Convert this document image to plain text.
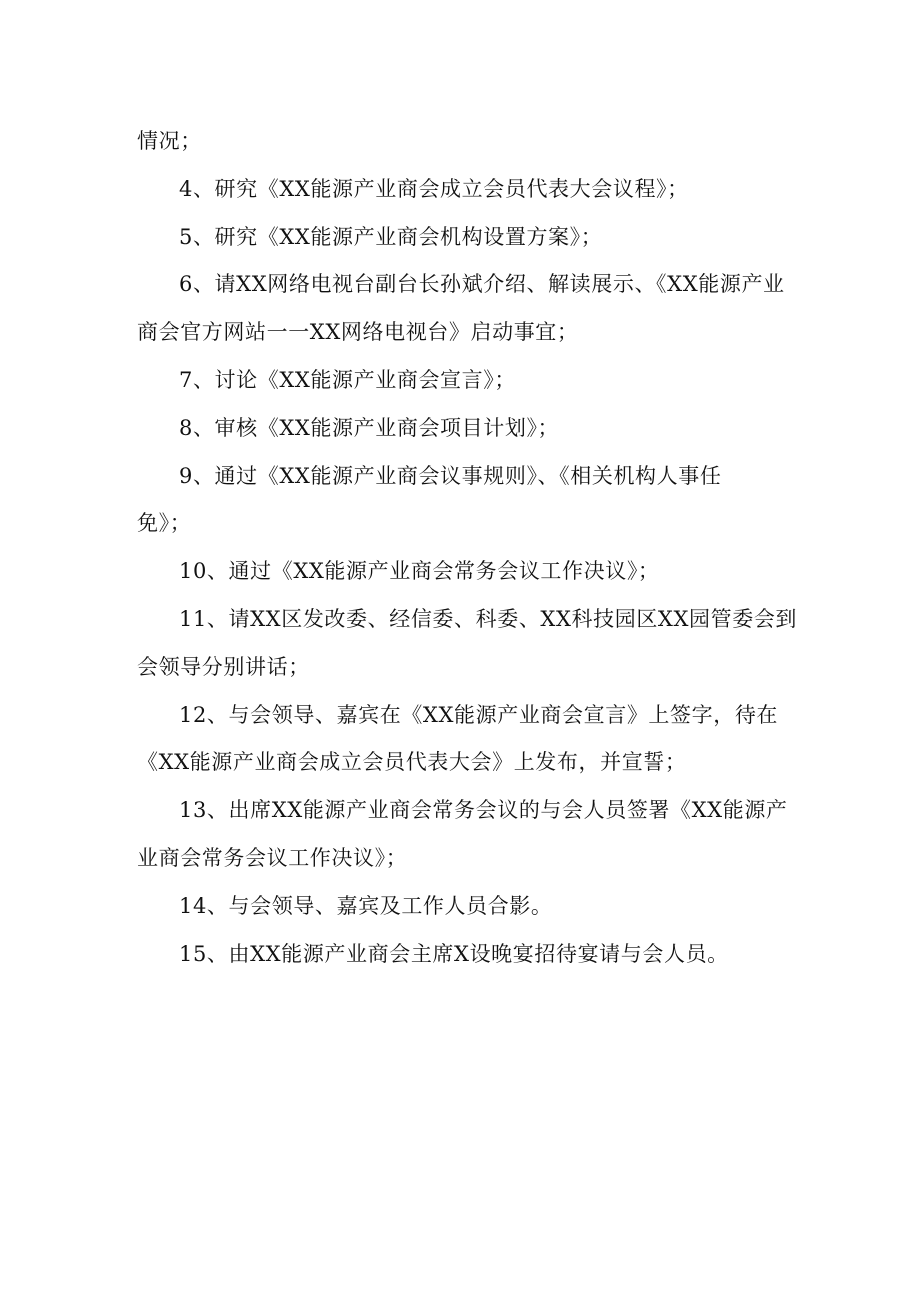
情况；

4、研究《XX能源产业商会成立会员代表大会议程》；

5、研究《XX能源产业商会机构设置方案》；

6、请XX网络电视台副台长孙斌介绍、解读展示、《XX能源产业
商会官方网站一一XX网络电视台》启动事宜；

7、讨论《XX能源产业商会宣言》；

8、审核《XX能源产业商会项目计划》；

9、通过《XX能源产业商会议事规则》、《相关机构人事任
免》；

10、通过《XX能源产业商会常务会议工作决议》；

11、请XX区发改委、经信委、科委、XX科技园区XX园管委会到
会领导分别讲话；

12、与会领导、嘉宾在《XX能源产业商会宣言》上签字，待在
《XX能源产业商会成立会员代表大会》上发布，并宣誓；

13、出席XX能源产业商会常务会议的与会人员签署《XX能源产
业商会常务会议工作决议》；

14、与会领导、嘉宾及工作人员合影。

15、由XX能源产业商会主席X设晚宴招待宴请与会人员。
